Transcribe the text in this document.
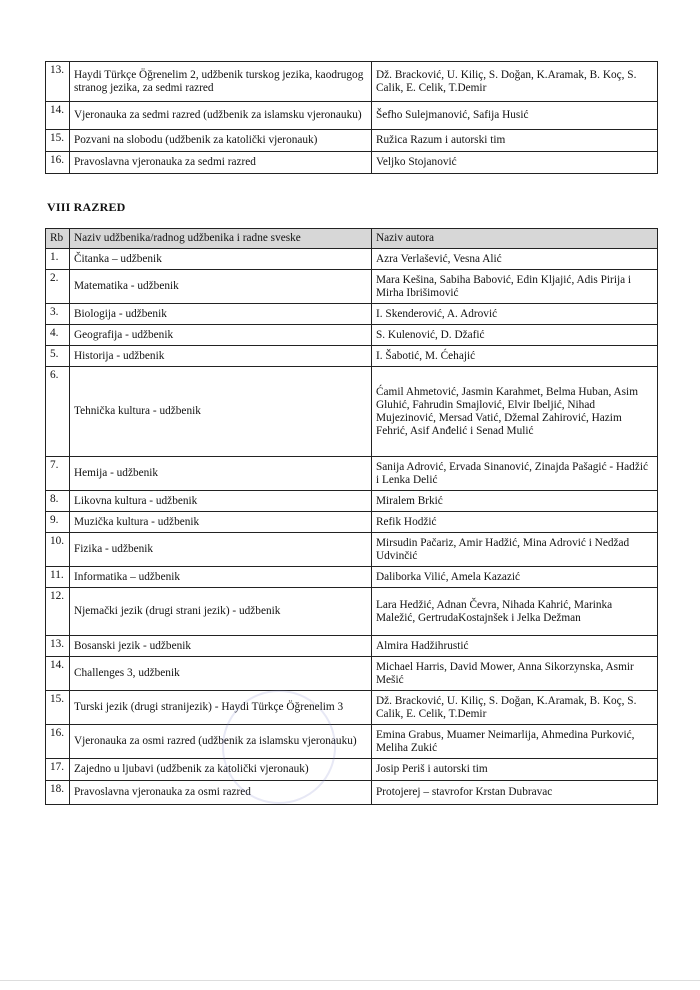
13.	Haydi Türkçe Öğrenelim 2, udžbenik turskog jezika, kaodrugog stranog jezika, za sedmi razred	Dž. Bracković, U. Kiliç, S. Doğan, K.Aramak, B. Koç, S. Calik, E. Celik, T.Demir
14.	Vjeronauka za sedmi razred (udžbenik za islamsku vjeronauku)	Šefho Sulejmanović, Safija Husić
15.	Pozvani na slobodu (udžbenik za katolički vjeronauk)	Ružica Razum i autorski tim
16.	Pravoslavna vjeronauka za sedmi razred	Veljko Stojanović
VIII RAZRED
Rb	Naziv udžbenika/radnog udžbenika i radne sveske	Naziv autora
1.	Čitanka – udžbenik	Azra Verlašević, Vesna Alić
2.	Matematika - udžbenik	Mara Kešina, Sabiha Babović, Edin Kljajić, Adis Pirija i Mirha Ibrišimović
3.	Biologija - udžbenik	I. Skenderović, A. Adrović
4.	Geografija - udžbenik	S. Kulenović, D. Džafić
5.	Historija - udžbenik	I. Šabotić, M. Ćehajić
6.	Tehnička kultura - udžbenik	Ćamil Ahmetović, Jasmin Karahmet, Belma Huban, Asim Gluhić, Fahrudin Smajlović, Elvir Ibeljić, Nihad Mujezinović, Mersad Vatić, Džemal Zahirović, Hazim Fehrić, Asif Anđelić i Senad Mulić
7.	Hemija - udžbenik	Sanija Adrović, Ervada Sinanović, Zinajda Pašagić - Hadžić i Lenka Delić
8.	Likovna kultura - udžbenik	Miralem Brkić
9.	Muzička kultura - udžbenik	Refik Hodžić
10.	Fizika - udžbenik	Mirsudin Pačariz, Amir Hadžić, Mina Adrović i Nedžad Udvinčić
11.	Informatika – udžbenik	Daliborka Vilić, Amela Kazazić
12.	Njemački jezik (drugi strani jezik) - udžbenik	Lara Hedžić, Adnan Čevra, Nihada Kahrić, Marinka Maležić, GertrudaKostajnšek i Jelka Dežman
13.	Bosanski jezik - udžbenik	Almira Hadžihrustić
14.	Challenges 3, udžbenik	Michael Harris, David Mower, Anna Sikorzynska, Asmir Mešić
15.	Turski jezik (drugi stranijezik) - Haydi Türkçe Öğrenelim 3	Dž. Bracković, U. Kiliç, S. Doğan, K.Aramak, B. Koç, S. Calik, E. Celik, T.Demir
16.	Vjeronauka za osmi razred (udžbenik za islamsku vjeronauku)	Emina Grabus, Muamer Neimarlija, Ahmedina Purković, Meliha Zukić
17.	Zajedno u ljubavi (udžbenik za katolički vjeronauk)	Josip Periš i autorski tim
18.	Pravoslavna vjeronauka za osmi razred	Protojerej – stavrofor Krstan Dubravac
